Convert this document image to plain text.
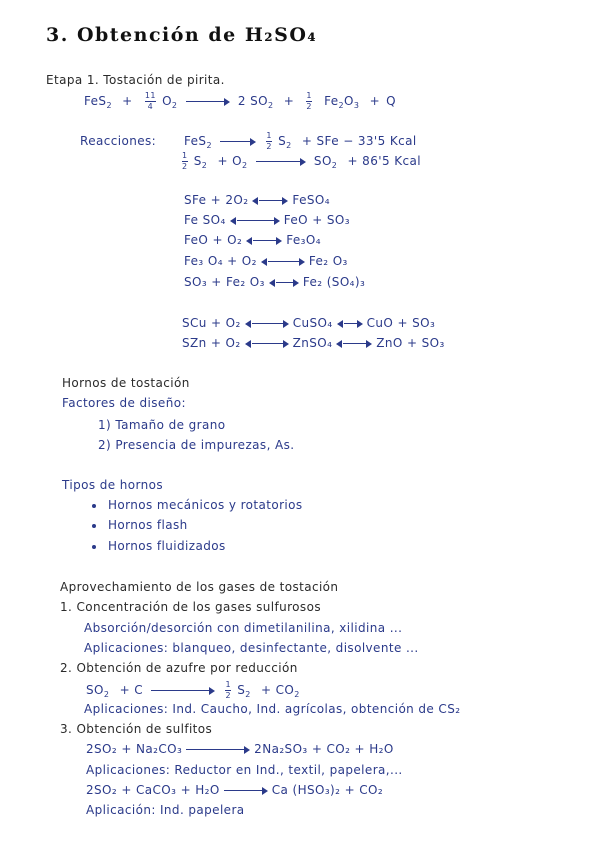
3. Obtención de H₂SO₄
Etapa 1. Tostación de pirita.
$FeS_2 + \frac{11}{4} O_2$	2 $SO_2 + \frac{1}{2} Fe_2O_3 + Q$
Reacciones: FeS$_2$	$\frac{1}{2} S_2$ + SFe − 33'5 Kcal
$\frac{1}{2} S_2 + O_2$	$SO_2 + 86'5$ Kcal
SFe + 2O₂	FeSO₄
Fe SO₄	FeO + SO₃
FeO + O₂	Fe₃O₄
Fe₃ O₄ + O₂	Fe₂ O₃
SO₃ + Fe₂ O₃	Fe₂ (SO₄)₃
SCu + O₂	CuSO₄	CuO + SO₃
SZn + O₂	ZnSO₄	ZnO + SO₃
Hornos de tostación
Factores de diseño:
1) Tamaño de grano
2) Presencia de impurezas, As.
Tipos de hornos
Hornos mecánicos y rotatorios
Hornos flash
Hornos fluidizados
Aprovechamiento de los gases de tostación
1. Concentración de los gases sulfurosos
Absorción/desorción con dimetilanilina, xilidina ...
Aplicaciones: blanqueo, desinfectante, disolvente ...
2. Obtención de azufre por reducción
$SO_2 + C$	$\frac{1}{2} S_2 + CO_2$
Aplicaciones: Ind. Caucho, Ind. agrícolas, obtención de CS₂
3. Obtención de sulfitos
2SO₂ + Na₂CO₃	2Na₂SO₃ + CO₂ + H₂O
Aplicaciones: Reductor en Ind., textil, papelera,...
2SO₂ + CaCO₃ + H₂O	Ca (HSO₃)₂ + CO₂
Aplicación: Ind. papelera
